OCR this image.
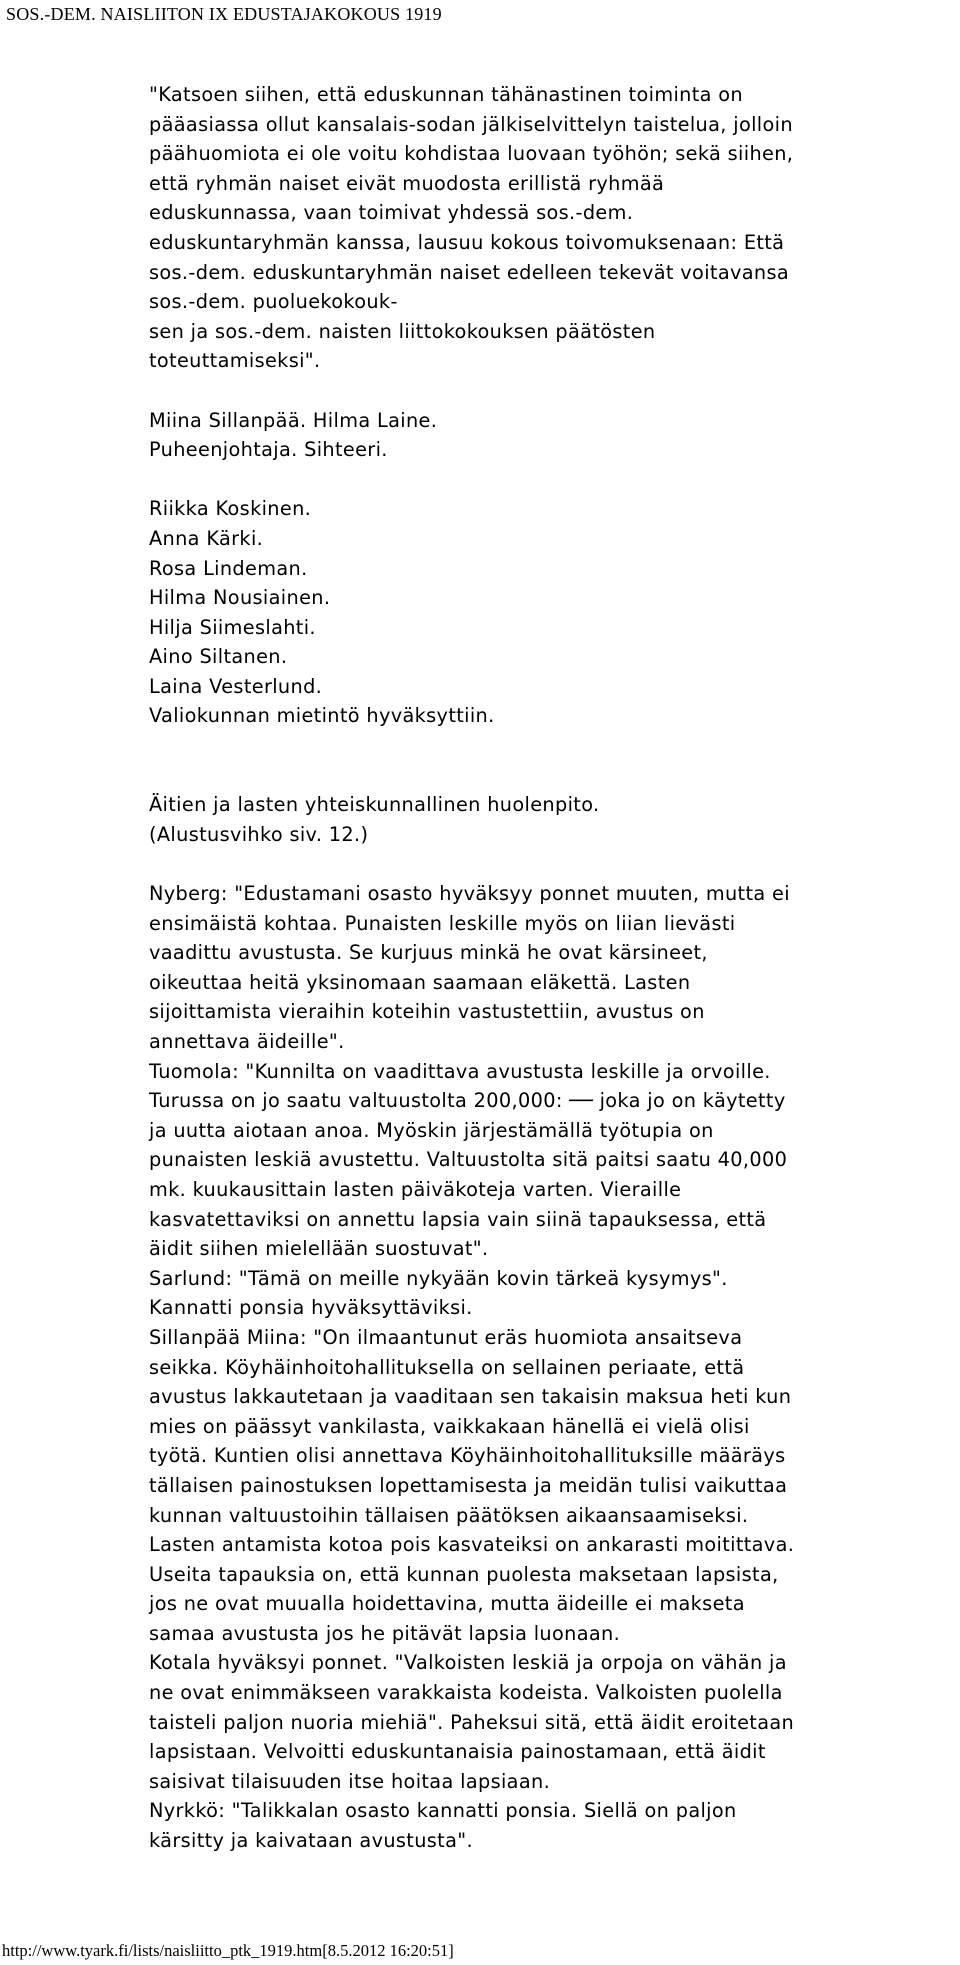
SOS.-DEM. NAISLIITON IX EDUSTAJAKOKOUS 1919
"Katsoen siihen, että eduskunnan tähänastinen toiminta on
pääasiassa ollut kansalais-sodan jälkiselvittelyn taistelua, jolloin
päähuomiota ei ole voitu kohdistaa luovaan työhön; sekä siihen,
että ryhmän naiset eivät muodosta erillistä ryhmää
eduskunnassa, vaan toimivat yhdessä sos.-dem.
eduskuntaryhmän kanssa, lausuu kokous toivomuksenaan: Että
sos.-dem. eduskuntaryhmän naiset edelleen tekevät voitavansa
sos.-dem. puoluekokouk-
sen ja sos.-dem. naisten liittokokouksen päätösten
toteuttamiseksi".
Miina Sillanpää. Hilma Laine.
Puheenjohtaja. Sihteeri.
Riikka Koskinen.
Anna Kärki.
Rosa Lindeman.
Hilma Nousiainen.
Hilja Siimeslahti.
Aino Siltanen.
Laina Vesterlund.
Valiokunnan mietintö hyväksyttiin.
Äitien ja lasten yhteiskunnallinen huolenpito.
(Alustusvihko siv. 12.)
Nyberg: "Edustamani osasto hyväksyy ponnet muuten, mutta ei
ensimäistä kohtaa. Punaisten leskille myös on liian lievästi
vaadittu avustusta. Se kurjuus minkä he ovat kärsineet,
oikeuttaa heitä yksinomaan saamaan eläkettä. Lasten
sijoittamista vieraihin koteihin vastustettiin, avustus on
annettava äideille".
Tuomola: "Kunnilta on vaadittava avustusta leskille ja orvoille.
Turussa on jo saatu valtuustolta 200,000: ── joka jo on käytetty
ja uutta aiotaan anoa. Myöskin järjestämällä työtupia on
punaisten leskiä avustettu. Valtuustolta sitä paitsi saatu 40,000
mk. kuukausittain lasten päiväkoteja varten. Vieraille
kasvatettaviksi on annettu lapsia vain siinä tapauksessa, että
äidit siihen mielellään suostuvat".
Sarlund: "Tämä on meille nykyään kovin tärkeä kysymys".
Kannatti ponsia hyväksyttäviksi.
Sillanpää Miina: "On ilmaantunut eräs huomiota ansaitseva
seikka. Köyhäinhoitohallituksella on sellainen periaate, että
avustus lakkautetaan ja vaaditaan sen takaisin maksua heti kun
mies on päässyt vankilasta, vaikkakaan hänellä ei vielä olisi
työtä. Kuntien olisi annettava Köyhäinhoitohallituksille määräys
tällaisen painostuksen lopettamisesta ja meidän tulisi vaikuttaa
kunnan valtuustoihin tällaisen päätöksen aikaansaamiseksi.
Lasten antamista kotoa pois kasvateiksi on ankarasti moitittava.
Useita tapauksia on, että kunnan puolesta maksetaan lapsista,
jos ne ovat muualla hoidettavina, mutta äideille ei makseta
samaa avustusta jos he pitävät lapsia luonaan.
Kotala hyväksyi ponnet. "Valkoisten leskiä ja orpoja on vähän ja
ne ovat enimmäkseen varakkaista kodeista. Valkoisten puolella
taisteli paljon nuoria miehiä". Paheksui sitä, että äidit eroitetaan
lapsistaan. Velvoitti eduskuntanaisia painostamaan, että äidit
saisivat tilaisuuden itse hoitaa lapsiaan.
Nyrkkö: "Talikkalan osasto kannatti ponsia. Siellä on paljon
kärsitty ja kaivataan avustusta".
http://www.tyark.fi/lists/naisliitto_ptk_1919.htm[8.5.2012 16:20:51]
